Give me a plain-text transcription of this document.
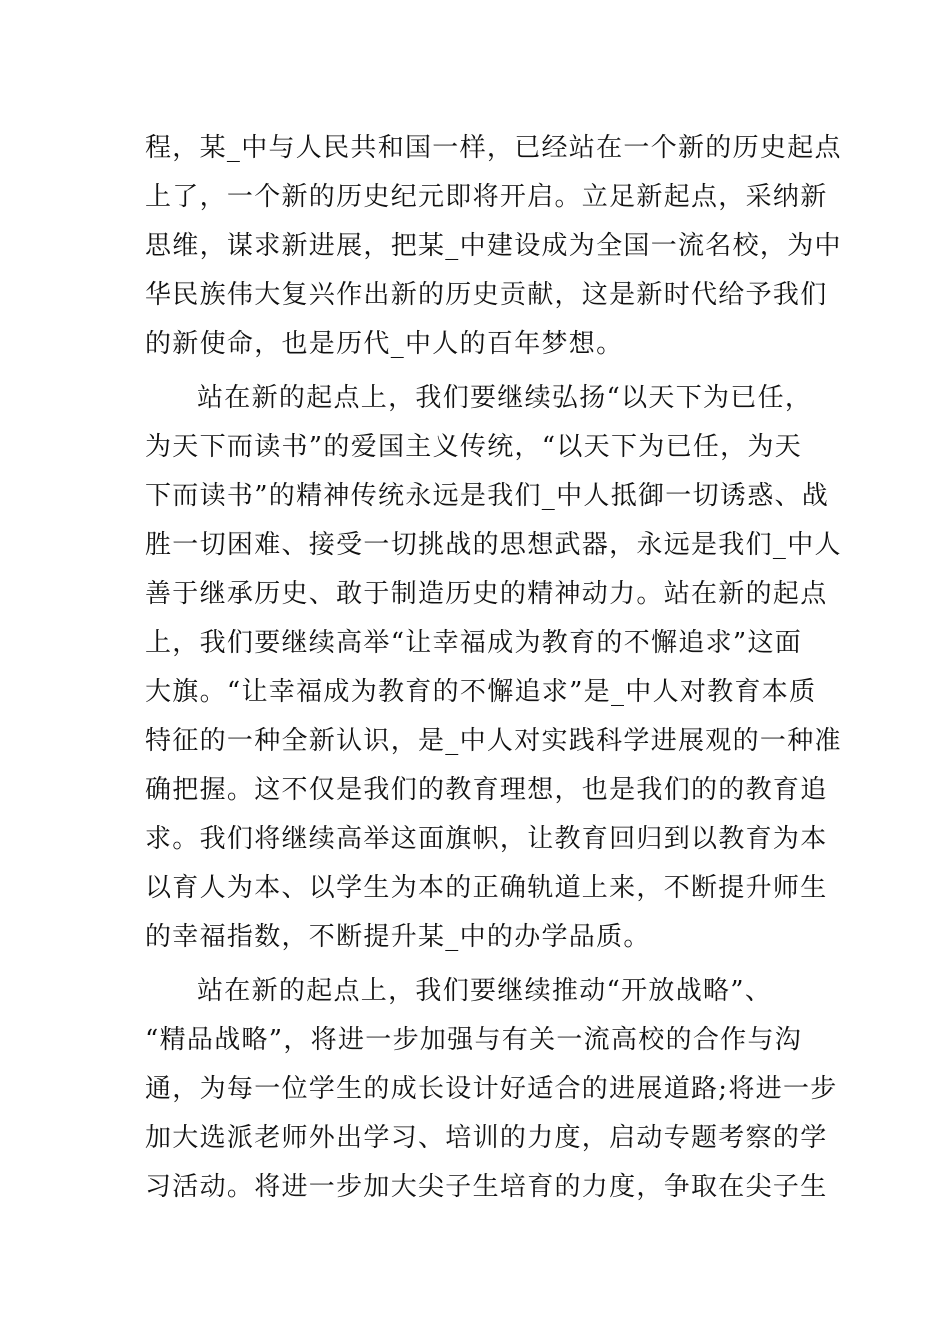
程，某_中与人民共和国一样，已经站在一个新的历史起点
上了，一个新的历史纪元即将开启。立足新起点，采纳新
思维，谋求新进展，把某_中建设成为全国一流名校，为中
华民族伟大复兴作出新的历史贡献，这是新时代给予我们
的新使命，也是历代_中人的百年梦想。
站在新的起点上，我们要继续弘扬“以天下为已任，
为天下而读书”的爱国主义传统，“以天下为已任，为天
下而读书”的精神传统永远是我们_中人抵御一切诱惑、战
胜一切困难、接受一切挑战的思想武器，永远是我们_中人
善于继承历史、敢于制造历史的精神动力。站在新的起点
上，我们要继续高举“让幸福成为教育的不懈追求”这面
大旗。“让幸福成为教育的不懈追求”是_中人对教育本质
特征的一种全新认识，是_中人对实践科学进展观的一种准
确把握。这不仅是我们的教育理想，也是我们的的教育追
求。我们将继续高举这面旗帜，让教育回归到以教育为本
以育人为本、以学生为本的正确轨道上来，不断提升师生
的幸福指数，不断提升某_中的办学品质。
站在新的起点上，我们要继续推动“开放战略”、
“精品战略”，将进一步加强与有关一流高校的合作与沟
通，为每一位学生的成长设计好适合的进展道路;将进一步
加大选派老师外出学习、培训的力度，启动专题考察的学
习活动。将进一步加大尖子生培育的力度，争取在尖子生
